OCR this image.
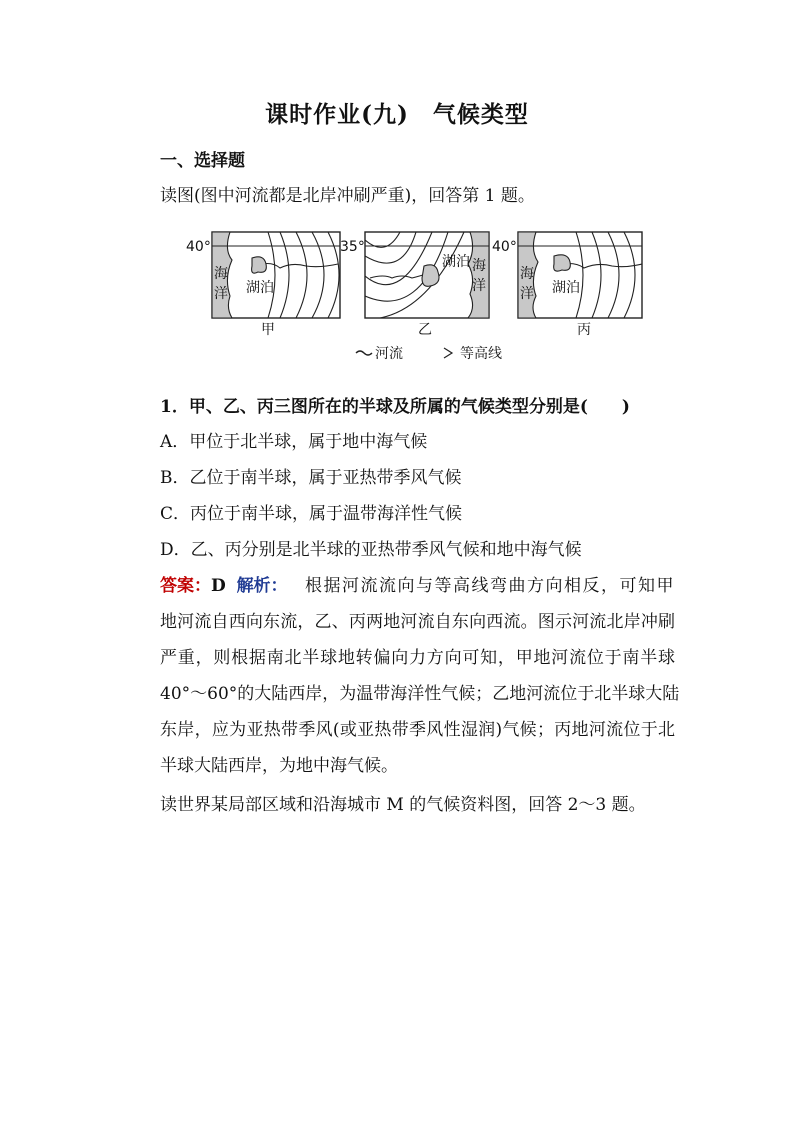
课时作业(九)　气候类型
一、选择题
读图(图中河流都是北岸冲刷严重)，回答第 1 题。
40°
海
洋 湖泊
甲
35°
海
洋
湖泊
乙
40°
海
洋 湖泊
丙
河流	等高线
1．甲、乙、丙三图所在的半球及所属的气候类型分别是(　　)
A．甲位于北半球，属于地中海气候
B．乙位于南半球，属于亚热带季风气候
C．丙位于南半球，属于温带海洋性气候
D．乙、丙分别是北半球的亚热带季风气候和地中海气候
答案：D 解析： 根据河流流向与等高线弯曲方向相反，可知甲
地河流自西向东流，乙、丙两地河流自东向西流。图示河流北岸冲刷
严重，则根据南北半球地转偏向力方向可知，甲地河流位于南半球
40°～60°的大陆西岸，为温带海洋性气候；乙地河流位于北半球大陆
东岸，应为亚热带季风(或亚热带季风性湿润)气候；丙地河流位于北
半球大陆西岸，为地中海气候。
读世界某局部区域和沿海城市 M 的气候资料图，回答 2～3 题。
